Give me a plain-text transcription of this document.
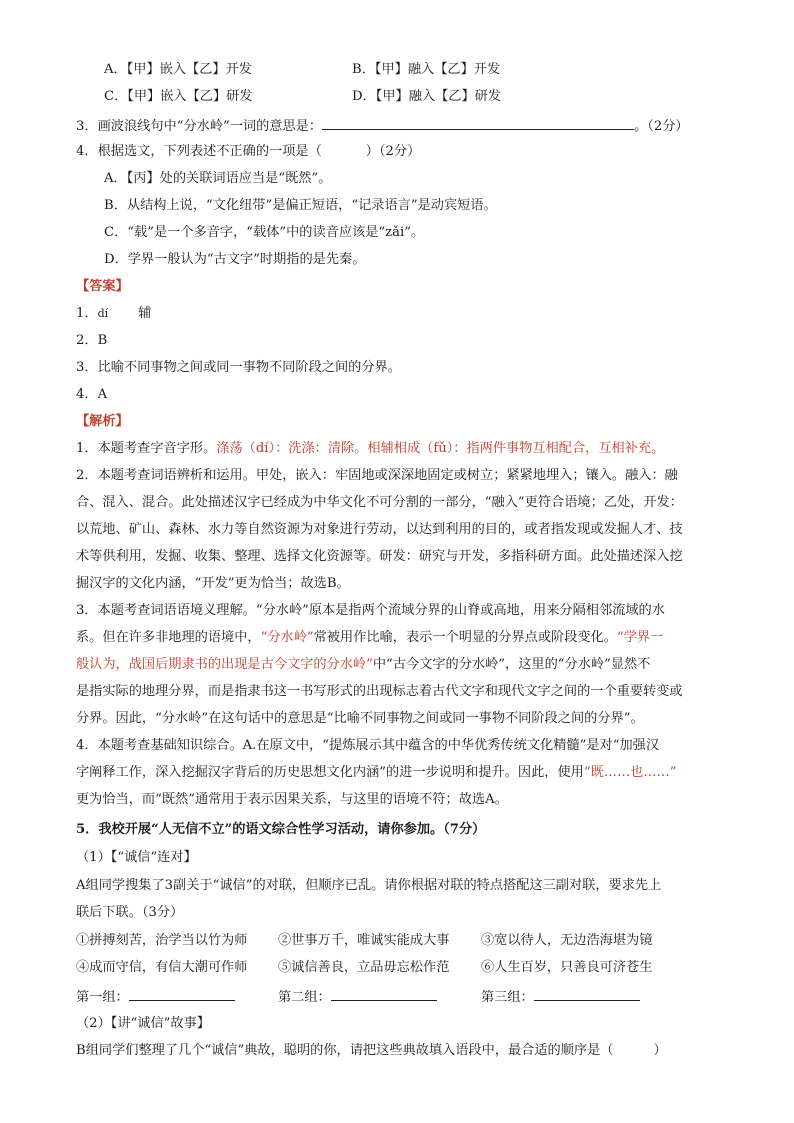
A．【甲】嵌入【乙】开发	B．【甲】融入【乙】开发
C．【甲】嵌入【乙】研发	D．【甲】融入【乙】研发
3．画波浪线句中“分水岭”一词的意思是：	。（2分）
4．根据选文，下列表述不正确的一项是（	）（2分）
A．【丙】处的关联词语应当是“既然”。
B．从结构上说，“文化纽带”是偏正短语，“记录语言”是动宾短语。
C．“载”是一个多音字，“载体”中的读音应该是“zǎi”。
D．学界一般认为“古文字”时期指的是先秦。
【答案】
1．dí 辅
2．B
3．比喻不同事物之间或同一事物不同阶段之间的分界。
4．A
【解析】
1．本题考查字音字形。涤荡（dí）：洗涤：清除。相辅相成（fǔ）：指两件事物互相配合，互相补充。
2．本题考查词语辨析和运用。甲处，嵌入：牢固地或深深地固定或树立；紧紧地埋入；镶入。融入：融
合、混入、混合。此处描述汉字已经成为中华文化不可分割的一部分，“融入”更符合语境；乙处，开发：
以荒地、矿山、森林、水力等自然资源为对象进行劳动，以达到利用的目的，或者指发现或发掘人才、技
术等供利用，发掘、收集、整理、选择文化资源等。研发：研究与开发，多指科研方面。此处描述深入挖
掘汉字的文化内涵，“开发”更为恰当；故选B。
3．本题考查词语语境义理解。“分水岭”原本是指两个流域分界的山脊或高地，用来分隔相邻流域的水
系。但在许多非地理的语境中，“分水岭”常被用作比喻，表示一个明显的分界点或阶段变化。“学界一
般认为，战国后期隶书的出现是古今文字的分水岭”中“古今文字的分水岭”，这里的“分水岭”显然不
是指实际的地理分界，而是指隶书这一书写形式的出现标志着古代文字和现代文字之间的一个重要转变或
分界。因此，“分水岭”在这句话中的意思是“比喻不同事物之间或同一事物不同阶段之间的分界”。
4．本题考查基础知识综合。A.在原文中，“提炼展示其中蕴含的中华优秀传统文化精髓”是对“加强汉
字阐释工作，深入挖掘汉字背后的历史思想文化内涵”的进一步说明和提升。因此，使用“既……也……”
更为恰当，而“既然”通常用于表示因果关系，与这里的语境不符；故选A。
5．我校开展“人无信不立”的语文综合性学习活动，请你参加。（7分）
（1）【“诚信”连对】
A组同学搜集了3副关于“诚信”的对联，但顺序已乱。请你根据对联的特点搭配这三副对联，要求先上
联后下联。（3分）
①拼搏刻苦，治学当以竹为师 ②世事万千，唯诚实能成大事 ③宽以待人，无边浩海堪为镜
④成而守信，有信大潮可作师 ⑤诚信善良，立品毋忘松作范 ⑥人生百岁，只善良可济苍生
第一组：	第二组：	第三组：
（2）【讲“诚信”故事】
B组同学们整理了几个“诚信”典故，聪明的你，请把这些典故填入语段中，最合适的顺序是（	）
